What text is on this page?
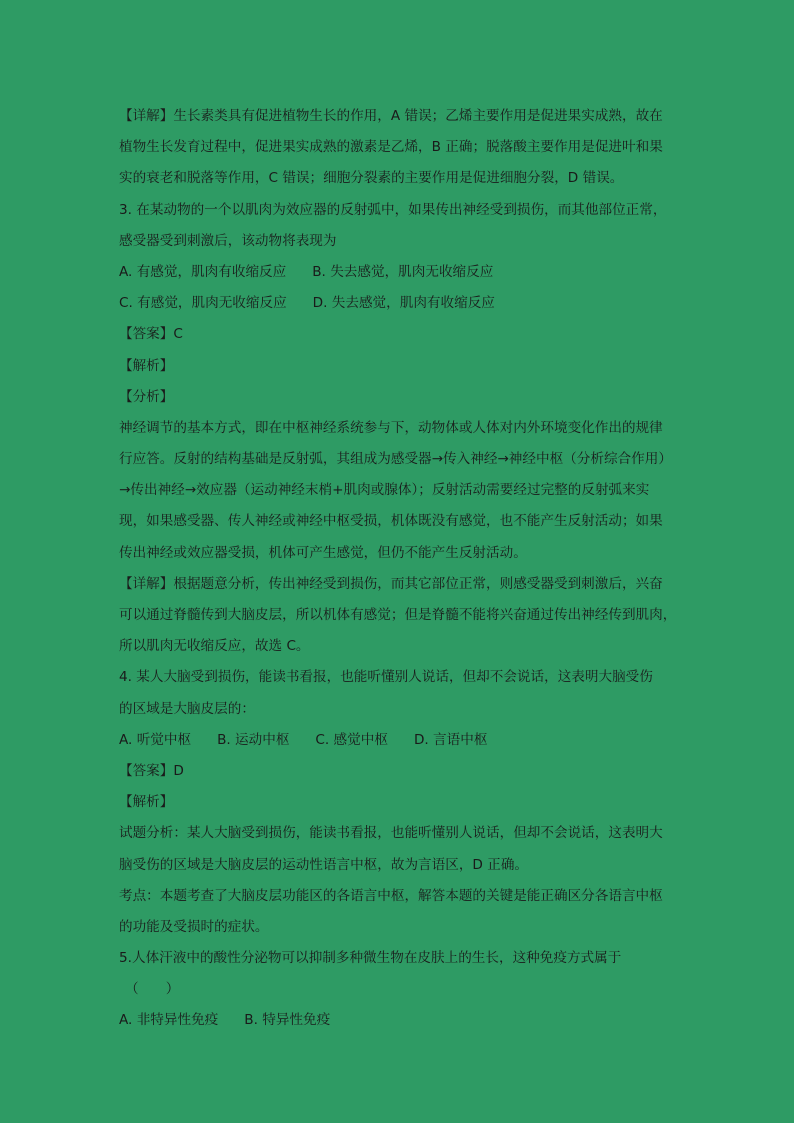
【详解】生长素类具有促进植物生长的作用，A 错误；乙烯主要作用是促进果实成熟，故在
植物生长发育过程中，促进果实成熟的激素是乙烯，B 正确；脱落酸主要作用是促进叶和果
实的衰老和脱落等作用，C 错误；细胞分裂素的主要作用是促进细胞分裂，D 错误。
3. 在某动物的一个以肌肉为效应器的反射弧中，如果传出神经受到损伤，而其他部位正常，
感受器受到刺激后，该动物将表现为
A. 有感觉，肌肉有收缩反应 B. 失去感觉，肌肉无收缩反应
C. 有感觉，肌肉无收缩反应 D. 失去感觉，肌肉有收缩反应
【答案】C
【解析】
【分析】
神经调节的基本方式，即在中枢神经系统参与下，动物体或人体对内外环境变化作出的规律
行应答。反射的结构基础是反射弧，其组成为感受器→传入神经→神经中枢（分析综合作用）
→传出神经→效应器（运动神经末梢+肌肉或腺体）；反射活动需要经过完整的反射弧来实
现，如果感受器、传人神经或神经中枢受损，机体既没有感觉，也不能产生反射活动；如果
传出神经或效应器受损，机体可产生感觉，但仍不能产生反射活动。
【详解】根据题意分析，传出神经受到损伤，而其它部位正常，则感受器受到刺激后，兴奋
可以通过脊髓传到大脑皮层，所以机体有感觉；但是脊髓不能将兴奋通过传出神经传到肌肉，
所以肌肉无收缩反应，故选 C。
4. 某人大脑受到损伤，能读书看报，也能听懂别人说话，但却不会说话，这表明大脑受伤
的区域是大脑皮层的：
A. 听觉中枢 B. 运动中枢 C. 感觉中枢 D. 言语中枢
【答案】D
【解析】
试题分析：某人大脑受到损伤，能读书看报，也能听懂别人说话，但却不会说话，这表明大
脑受伤的区域是大脑皮层的运动性语言中枢，故为言语区，D 正确。
考点：本题考查了大脑皮层功能区的各语言中枢，解答本题的关键是能正确区分各语言中枢
的功能及受损时的症状。
5.人体汗液中的酸性分泌物可以抑制多种微生物在皮肤上的生长，这种免疫方式属于
（　　）
A. 非特异性免疫 B. 特异性免疫
